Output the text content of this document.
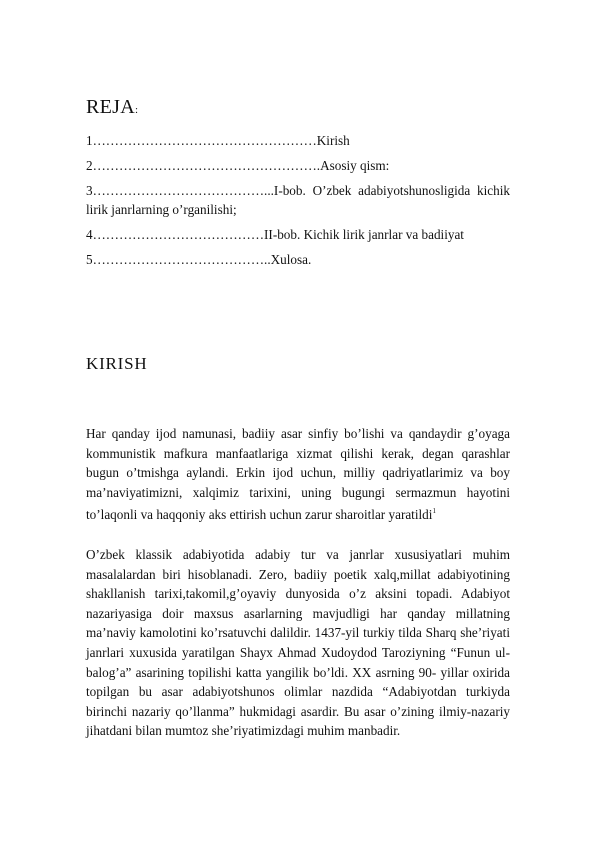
REJA:
1……………………………………………Kirish
2…………………………………………….Asosiy qism:
3…………………………………...I-bob. O’zbek adabiyotshunosligida kichik lirik janrlarning o’rganilishi;
4…………………………………II-bob. Kichik lirik janrlar va badiiyat
5…………………………………..Xulosa.
KIRISH

Har qanday ijod namunasi, badiiy asar sinfiy bo’lishi va qandaydir g’oyaga kommunistik mafkura manfaatlariga xizmat qilishi kerak, degan qarashlar bugun o’tmishga aylandi. Erkin ijod uchun, milliy qadriyatlarimiz va boy ma’naviyatimizni, xalqimiz tarixini, uning bugungi sermazmun hayotini to’laqonli va haqqoniy aks ettirish uchun zarur sharoitlar yaratildi$^1$

O’zbek klassik adabiyotida adabiy tur va janrlar xususiyatlari muhim masalalardan biri hisoblanadi. Zero, badiiy poetik xalq,millat adabiyotining shakllanish tarixi,takomil,g’oyaviy dunyosida o’z aksini topadi. Adabiyot nazariyasiga doir maxsus asarlarning mavjudligi har qanday millatning ma’naviy kamolotini ko’rsatuvchi dalildir. 1437-yil turkiy tilda Sharq she’riyati janrlari xuxusida yaratilgan Shayx Ahmad Xudoydod Taroziyning “Funun ul-balog’a” asarining topilishi katta yangilik bo’ldi. XX asrning 90- yillar oxirida topilgan bu asar adabiyotshunos olimlar nazdida “Adabiyotdan turkiyda birinchi nazariy qo’llanma” hukmidagi asardir. Bu asar o’zining ilmiy-nazariy jihatdani bilan mumtoz she’riyatimizdagi muhim manbadir.
